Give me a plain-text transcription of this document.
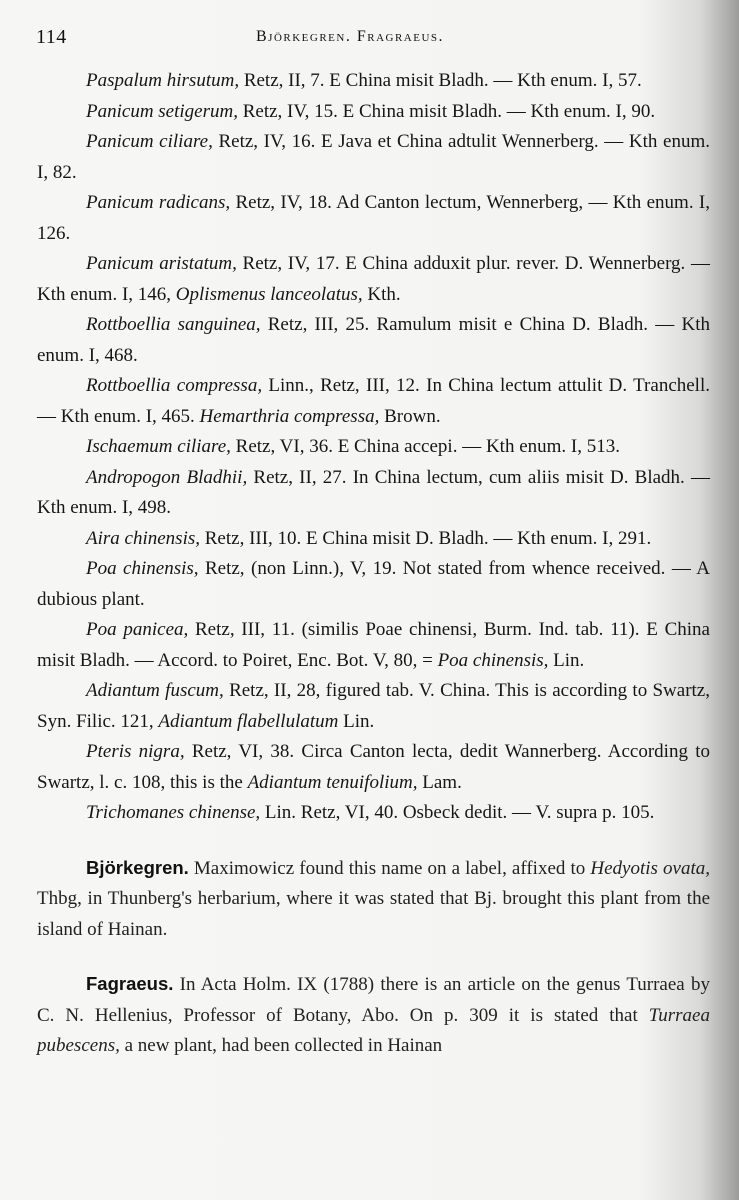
114	Björkegren. Fragraeus.

Paspalum hirsutum, Retz, II, 7. E China misit Bladh. — Kth enum. I, 57.

Panicum setigerum, Retz, IV, 15. E China misit Bladh. — Kth enum. I, 90.

Panicum ciliare, Retz, IV, 16. E Java et China adtulit Wennerberg. — Kth enum. I, 82.

Panicum radicans, Retz, IV, 18. Ad Canton lectum, Wennerberg, — Kth enum. I, 126.

Panicum aristatum, Retz, IV, 17. E China adduxit plur. rever. D. Wennerberg. — Kth enum. I, 146, Oplismenus lanceolatus, Kth.

Rottboellia sanguinea, Retz, III, 25. Ramulum misit e China D. Bladh. — Kth enum. I, 468.

Rottboellia compressa, Linn., Retz, III, 12. In China lectum attulit D. Tranchell. — Kth enum. I, 465. Hemarthria compressa, Brown.

Ischaemum ciliare, Retz, VI, 36. E China accepi. — Kth enum. I, 513.

Andropogon Bladhii, Retz, II, 27. In China lectum, cum aliis misit D. Bladh. — Kth enum. I, 498.

Aira chinensis, Retz, III, 10. E China misit D. Bladh. — Kth enum. I, 291.

Poa chinensis, Retz, (non Linn.), V, 19. Not stated from whence received. — A dubious plant.

Poa panicea, Retz, III, 11. (similis Poae chinensi, Burm. Ind. tab. 11). E China misit Bladh. — Accord. to Poiret, Enc. Bot. V, 80, = Poa chinensis, Lin.

Adiantum fuscum, Retz, II, 28, figured tab. V. China. This is according to Swartz, Syn. Filic. 121, Adiantum flabellulatum Lin.

Pteris nigra, Retz, VI, 38. Circa Canton lecta, dedit Wannerberg. According to Swartz, l. c. 108, this is the Adiantum tenuifolium, Lam.

Trichomanes chinense, Lin. Retz, VI, 40. Osbeck dedit. — V. supra p. 105.

Björkegren. Maximowicz found this name on a label, affixed to Hedyotis ovata, Thbg, in Thunberg's herbarium, where it was stated that Bj. brought this plant from the island of Hainan.

Fagraeus. In Acta Holm. IX (1788) there is an article on the genus Turraea by C. N. Hellenius, Professor of Botany, Abo. On p. 309 it is stated that Turraea pubescens, a new plant, had been collected in Hainan
